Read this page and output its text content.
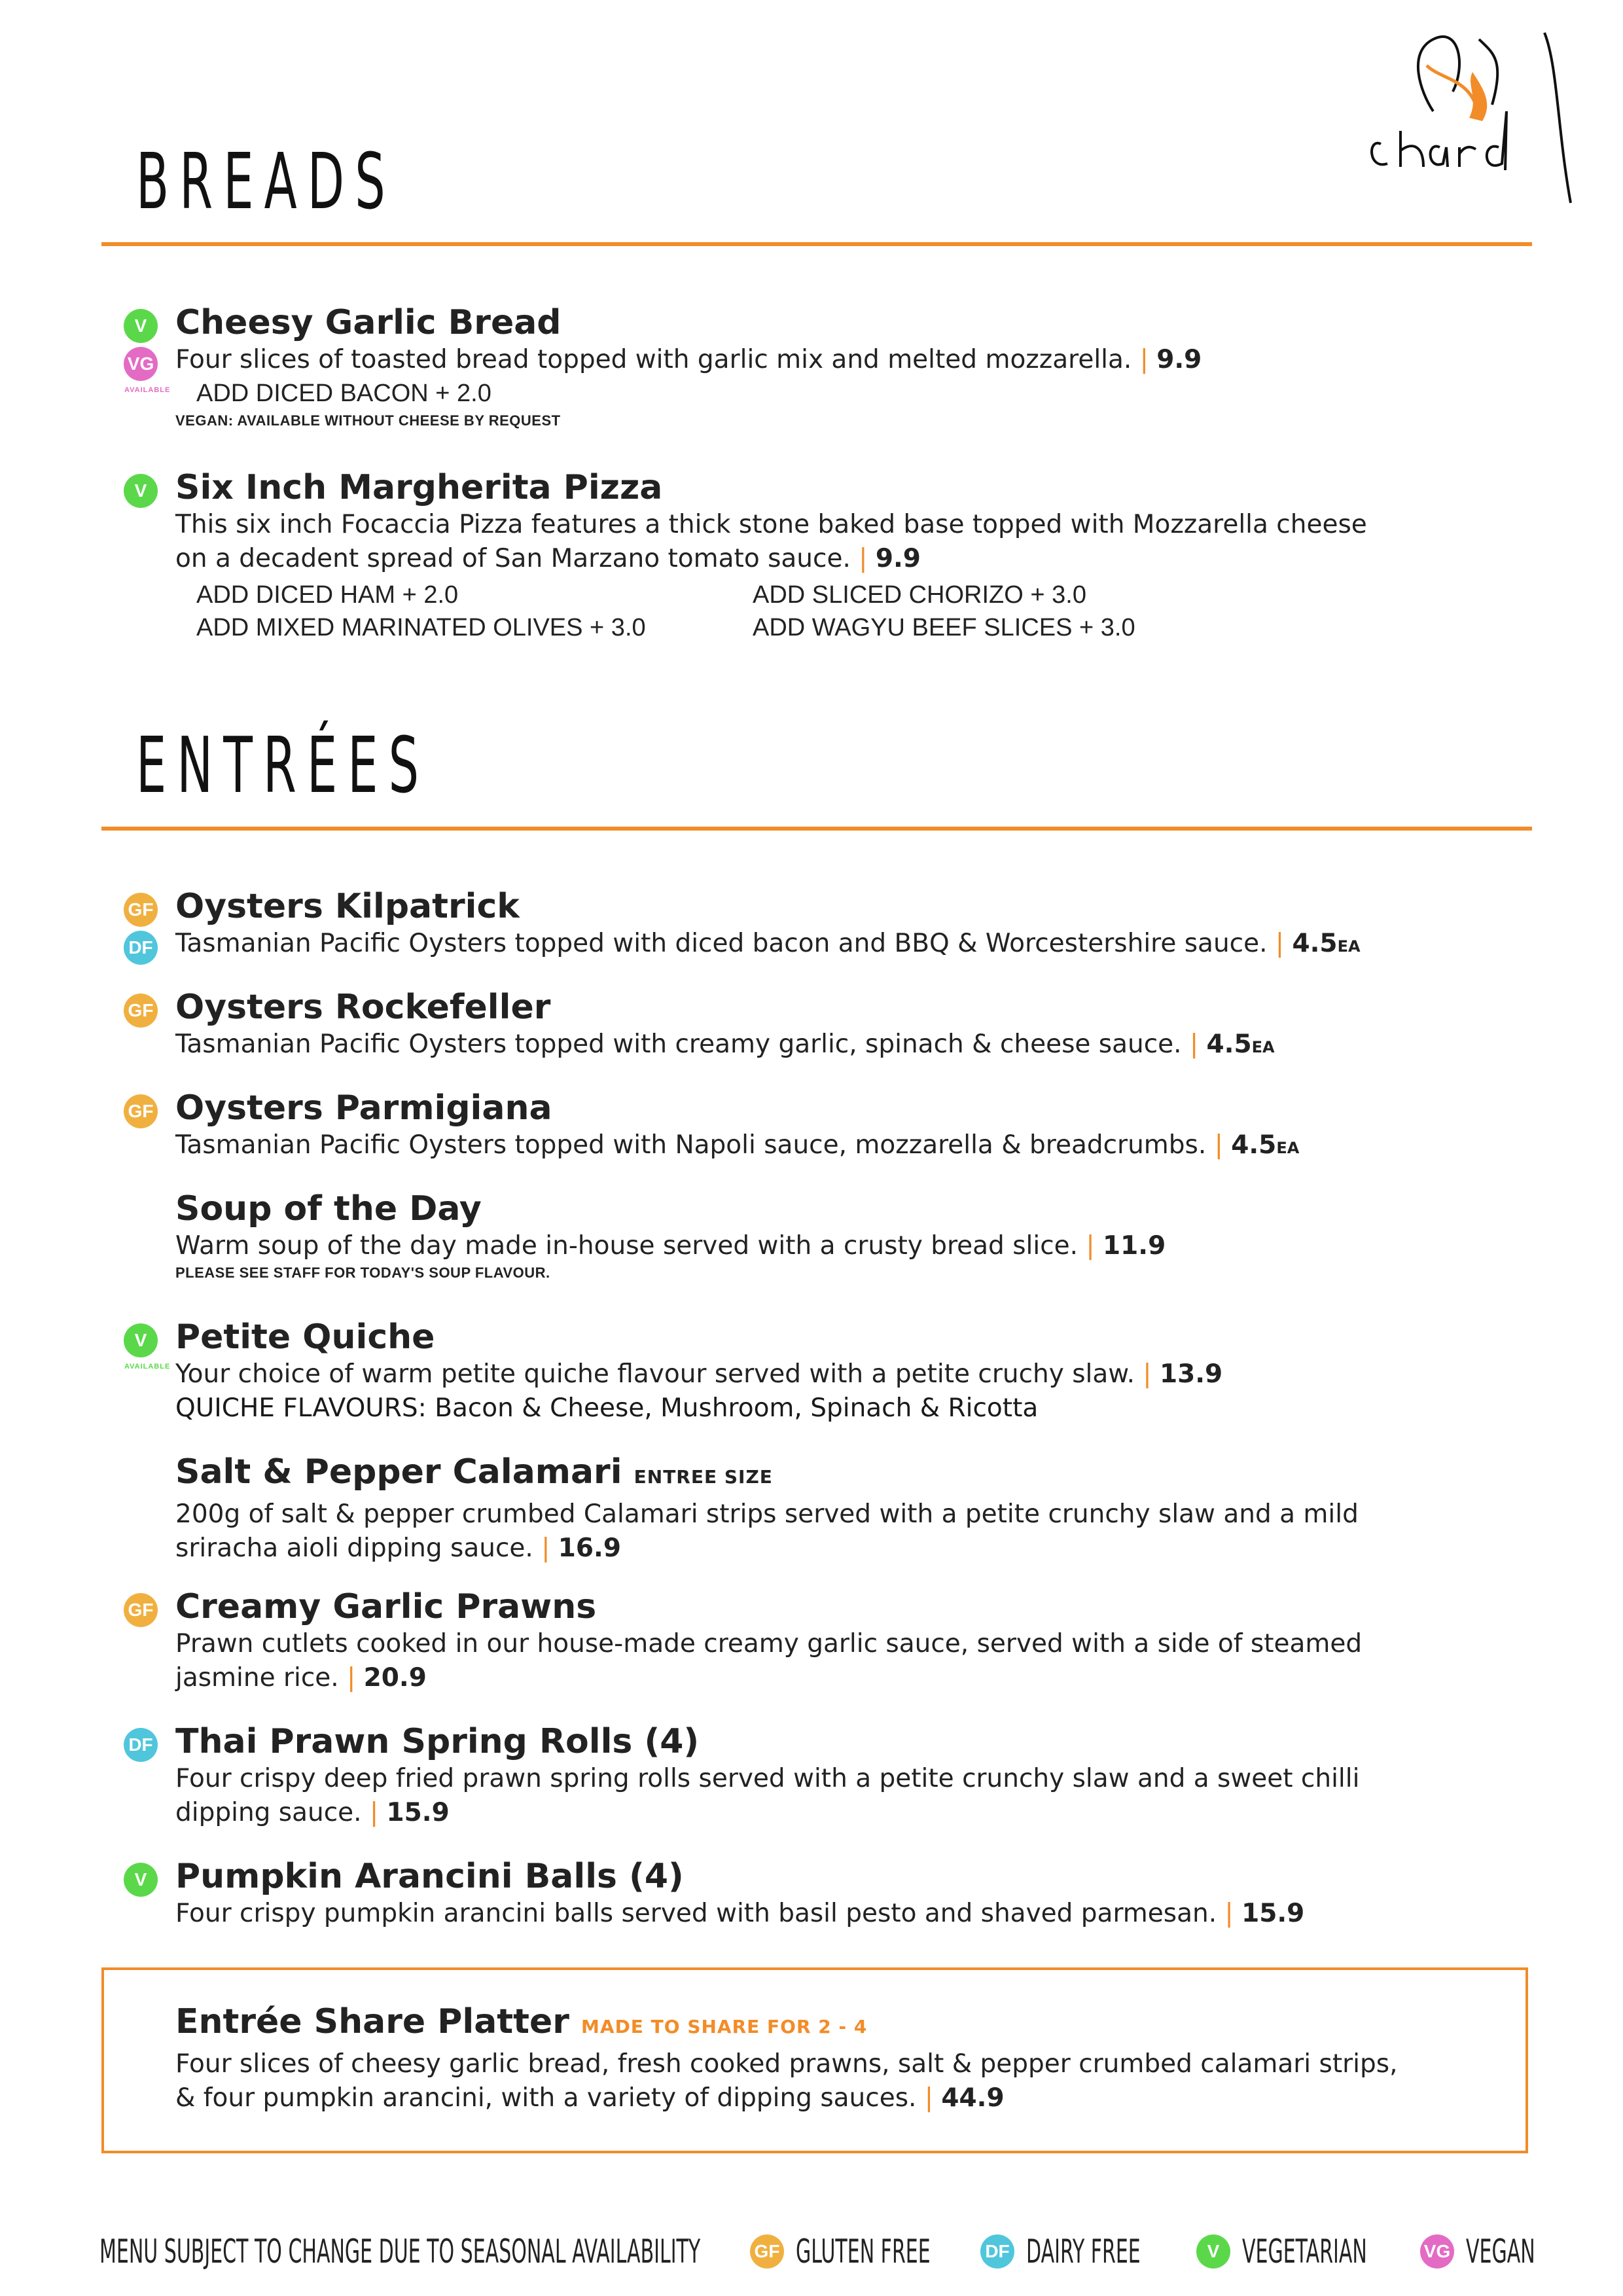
BREADS
V
VG
AVAILABLE
Cheesy Garlic Bread
Four slices of toasted bread topped with garlic mix and melted mozzarella. | 9.9
ADD DICED BACON + 2.0
VEGAN: AVAILABLE WITHOUT CHEESE BY REQUEST
V Six Inch Margherita Pizza
This six inch Focaccia Pizza features a thick stone baked base topped with Mozzarella cheese
on a decadent spread of San Marzano tomato sauce. | 9.9
ADD DICED HAM + 2.0	ADD SLICED CHORIZO + 3.0
ADD MIXED MARINATED OLIVES + 3.0	ADD WAGYU BEEF SLICES + 3.0
ENTRÉES
GF
DF
Oysters Kilpatrick
Tasmanian Pacific Oysters topped with diced bacon and BBQ & Worcestershire sauce. | 4.5EA
GF Oysters Rockefeller
Tasmanian Pacific Oysters topped with creamy garlic, spinach & cheese sauce. | 4.5EA
GF Oysters Parmigiana
Tasmanian Pacific Oysters topped with Napoli sauce, mozzarella & breadcrumbs. | 4.5EA
Soup of the Day
Warm soup of the day made in-house served with a crusty bread slice. | 11.9
PLEASE SEE STAFF FOR TODAY'S SOUP FLAVOUR.
V
AVAILABLE
Petite Quiche
Your choice of warm petite quiche flavour served with a petite cruchy slaw. | 13.9
QUICHE FLAVOURS: Bacon & Cheese, Mushroom, Spinach & Ricotta
Salt & Pepper Calamari ENTREE SIZE
200g of salt & pepper crumbed Calamari strips served with a petite crunchy slaw and a mild
sriracha aioli dipping sauce. | 16.9
GF Creamy Garlic Prawns
Prawn cutlets cooked in our house-made creamy garlic sauce, served with a side of steamed
jasmine rice. | 20.9
DF Thai Prawn Spring Rolls (4)
Four crispy deep fried prawn spring rolls served with a petite crunchy slaw and a sweet chilli
dipping sauce. | 15.9
V Pumpkin Arancini Balls (4)
Four crispy pumpkin arancini balls served with basil pesto and shaved parmesan. | 15.9
Entrée Share Platter MADE TO SHARE FOR 2 - 4
Four slices of cheesy garlic bread, fresh cooked prawns, salt & pepper crumbed calamari strips,
& four pumpkin arancini, with a variety of dipping sauces. | 44.9
MENU SUBJECT TO CHANGE DUE TO SEASONAL AVAILABILITY	GF GLUTEN FREE	DF DAIRY FREE	V VEGETARIAN	VG VEGAN
